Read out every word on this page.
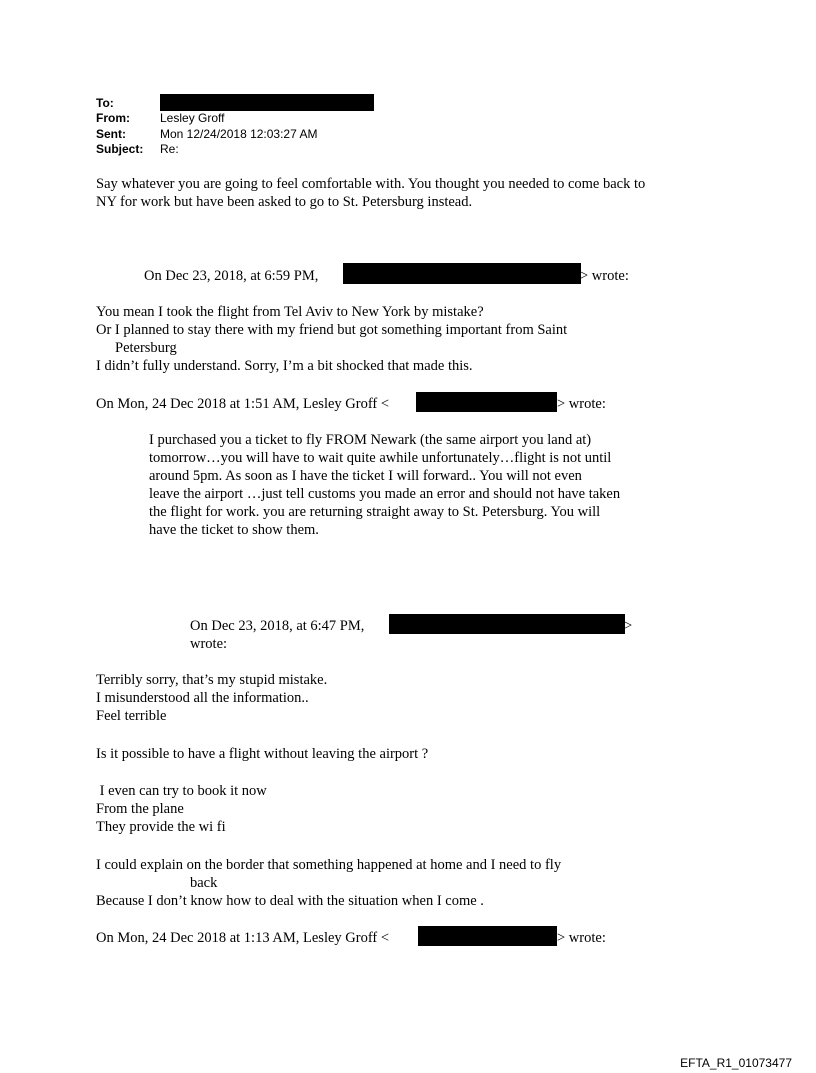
To:
From:	Lesley Groff
Sent:	Mon 12/24/2018 12:03:27 AM
Subject: Re:
Say whatever you are going to feel comfortable with. You thought you needed to come back to
NY for work but have been asked to go to St. Petersburg instead.
On Dec 23, 2018, at 6:59 PM,	> wrote:
You mean I took the flight from Tel Aviv to New York by mistake?
Or I planned to stay there with my friend but got something important from Saint
Petersburg
I didn’t fully understand. Sorry, I’m a bit shocked that made this.
On Mon, 24 Dec 2018 at 1:51 AM, Lesley Groff <	> wrote:
I purchased you a ticket to fly FROM Newark (the same airport you land at)
tomorrow…you will have to wait quite awhile unfortunately…flight is not until
around 5pm. As soon as I have the ticket I will forward.. You will not even
leave the airport …just tell customs you made an error and should not have taken
the flight for work. you are returning straight away to St. Petersburg. You will
have the ticket to show them.
On Dec 23, 2018, at 6:47 PM,	>
wrote:
Terribly sorry, that’s my stupid mistake.
I misunderstood all the information..
Feel terrible
Is it possible to have a flight without leaving the airport ?
I even can try to book it now
From the plane
They provide the wi fi
I could explain on the border that something happened at home and I need to fly
back
Because I don’t know how to deal with the situation when I come .
On Mon, 24 Dec 2018 at 1:13 AM, Lesley Groff <	> wrote:
EFTA_R1_01073477
